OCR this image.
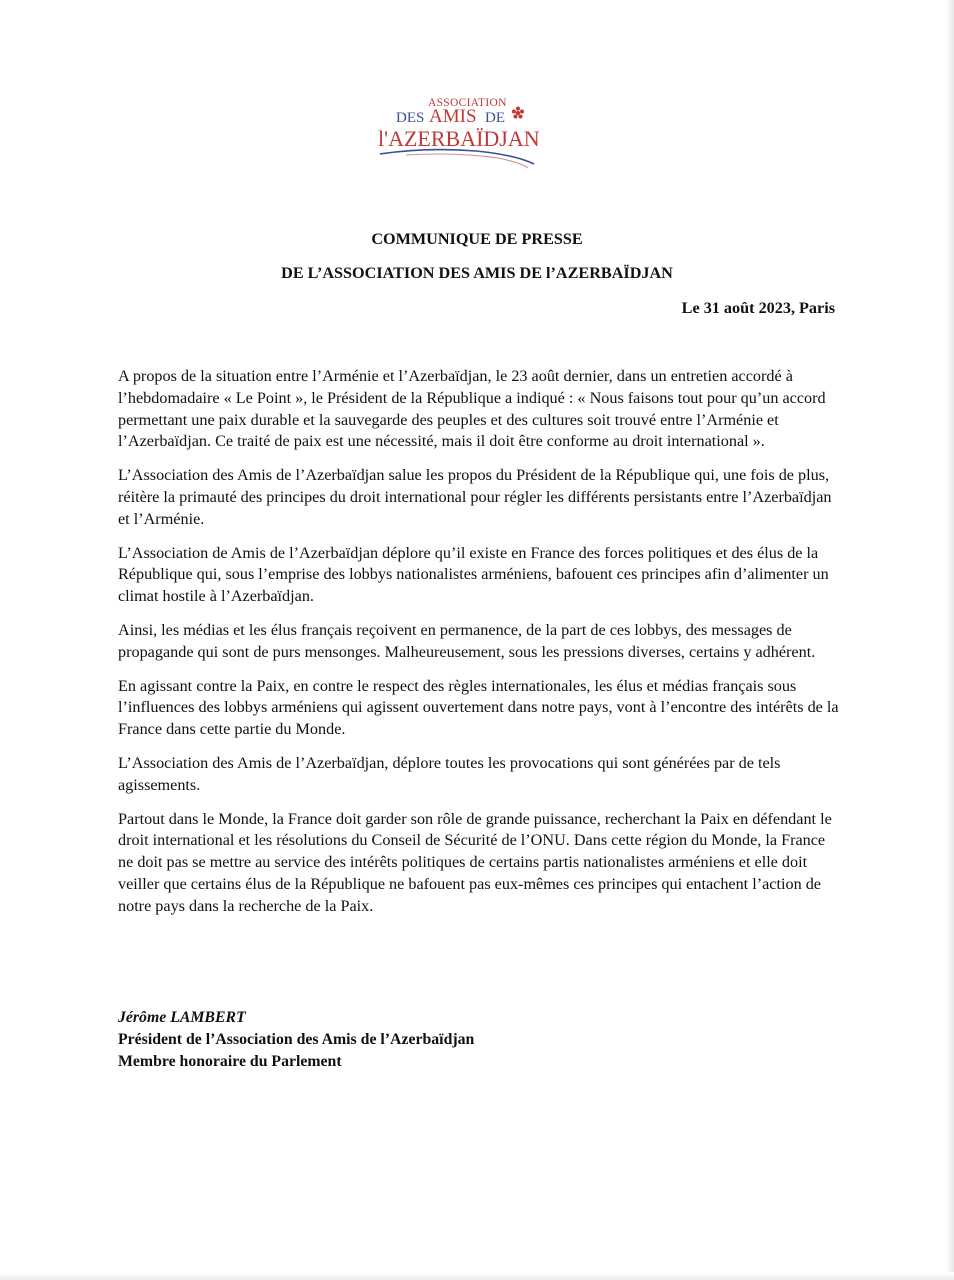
ASSOCIATION
DES AMIS DE
l'AZERBAÏDJAN
COMMUNIQUE DE PRESSE
DE L’ASSOCIATION DES AMIS DE l’AZERBAÏDJAN
Le 31 août 2023, Paris

A propos de la situation entre l’Arménie et l’Azerbaïdjan, le 23 août dernier, dans un entretien accordé à l’hebdomadaire « Le Point », le Président de la République a indiqué : « Nous faisons tout pour qu’un accord permettant une paix durable et la sauvegarde des peuples et des cultures soit trouvé entre l’Arménie et l’Azerbaïdjan. Ce traité de paix est une nécessité, mais il doit être conforme au droit international ».

L’Association des Amis de l’Azerbaïdjan salue les propos du Président de la République qui, une fois de plus, réitère la primauté des principes du droit international pour régler les différents persistants entre l’Azerbaïdjan et l’Arménie.

L’Association de Amis de l’Azerbaïdjan déplore qu’il existe en France des forces politiques et des élus de la République qui, sous l’emprise des lobbys nationalistes arméniens, bafouent ces principes afin d’alimenter un climat hostile à l’Azerbaïdjan.

Ainsi, les médias et les élus français reçoivent en permanence, de la part de ces lobbys, des messages de propagande qui sont de purs mensonges. Malheureusement, sous les pressions diverses, certains y adhérent.

En agissant contre la Paix, en contre le respect des règles internationales, les élus et médias français sous l’influences des lobbys arméniens qui agissent ouvertement dans notre pays, vont à l’encontre des intérêts de la France dans cette partie du Monde.

L’Association des Amis de l’Azerbaïdjan, déplore toutes les provocations qui sont générées par de tels agissements.

Partout dans le Monde, la France doit garder son rôle de grande puissance, recherchant la Paix en défendant le droit international et les résolutions du Conseil de Sécurité de l’ONU. Dans cette région du Monde, la France ne doit pas se mettre au service des intérêts politiques de certains partis nationalistes arméniens et elle doit veiller que certains élus de la République ne bafouent pas eux-mêmes ces principes qui entachent l’action de notre pays dans la recherche de la Paix.

Jérôme LAMBERT
Président de l’Association des Amis de l’Azerbaïdjan
Membre honoraire du Parlement
